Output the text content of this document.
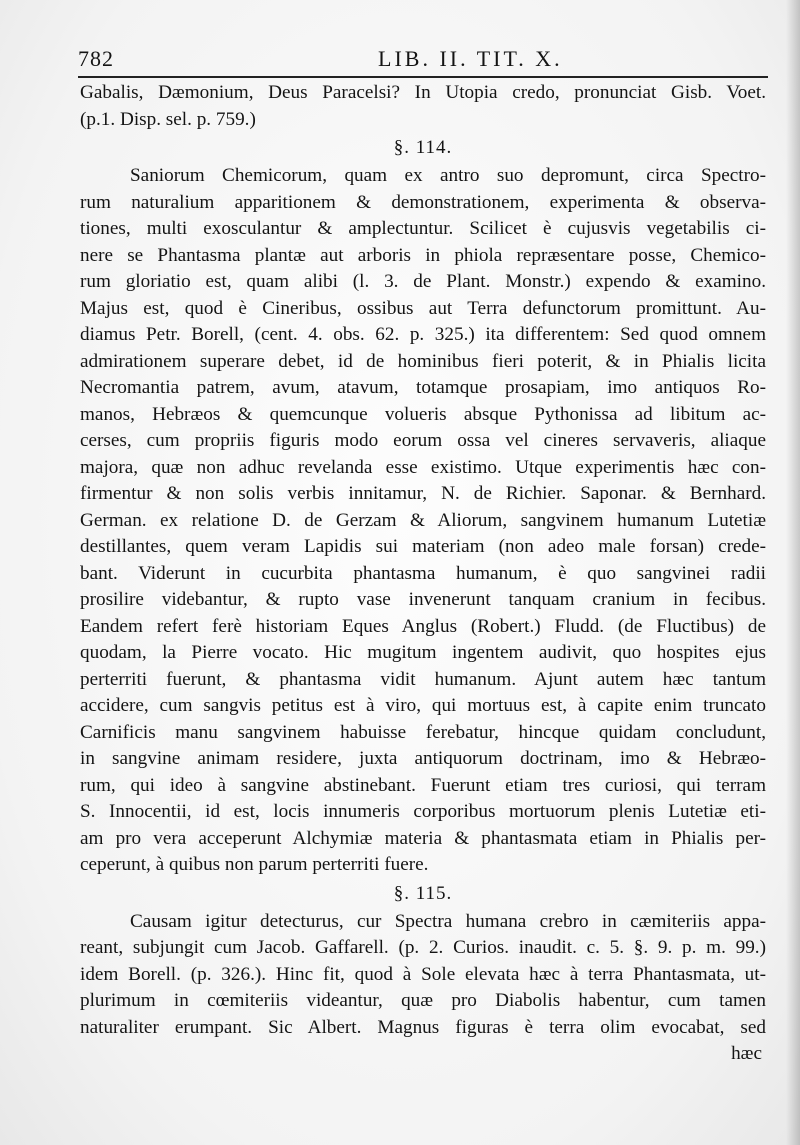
782	LIB. II. TIT. X.
Gabalis, Dæmonium, Deus Paracelsi? In Utopia credo, pronunciat Gisb. Voet.
(p.1. Disp. sel. p. 759.)
§. 114.
Saniorum Chemicorum, quam ex antro suo depromunt, circa Spectro-
rum naturalium apparitionem & demonstrationem, experimenta & observa-
tiones, multi exosculantur & amplectuntur. Scilicet è cujusvis vegetabilis ci-
nere se Phantasma plantæ aut arboris in phiola repræsentare posse, Chemico-
rum gloriatio est, quam alibi (l. 3. de Plant. Monstr.) expendo & examino.
Majus est, quod è Cineribus, ossibus aut Terra defunctorum promittunt. Au-
diamus Petr. Borell, (cent. 4. obs. 62. p. 325.) ita differentem: Sed quod omnem
admirationem superare debet, id de hominibus fieri poterit, & in Phialis licita
Necromantia patrem, avum, atavum, totamque prosapiam, imo antiquos Ro-
manos, Hebræos & quemcunque volueris absque Pythonissa ad libitum ac-
cerses, cum propriis figuris modo eorum ossa vel cineres servaveris, aliaque
majora, quæ non adhuc revelanda esse existimo. Utque experimentis hæc con-
firmentur & non solis verbis innitamur, N. de Richier. Saponar. & Bernhard.
German. ex relatione D. de Gerzam & Aliorum, sangvinem humanum Lutetiæ
destillantes, quem veram Lapidis sui materiam (non adeo male forsan) crede-
bant. Viderunt in cucurbita phantasma humanum, è quo sangvinei radii
prosilire videbantur, & rupto vase invenerunt tanquam cranium in fecibus.
Eandem refert ferè historiam Eques Anglus (Robert.) Fludd. (de Fluctibus) de
quodam, la Pierre vocato. Hic mugitum ingentem audivit, quo hospites ejus
perterriti fuerunt, & phantasma vidit humanum. Ajunt autem hæc tantum
accidere, cum sangvis petitus est à viro, qui mortuus est, à capite enim truncato
Carnificis manu sangvinem habuisse ferebatur, hincque quidam concludunt,
in sangvine animam residere, juxta antiquorum doctrinam, imo & Hebræo-
rum, qui ideo à sangvine abstinebant. Fuerunt etiam tres curiosi, qui terram
S. Innocentii, id est, locis innumeris corporibus mortuorum plenis Lutetiæ eti-
am pro vera acceperunt Alchymiæ materia & phantasmata etiam in Phialis per-
ceperunt, à quibus non parum perterriti fuere.
§. 115.
Causam igitur detecturus, cur Spectra humana crebro in cæmiteriis appa-
reant, subjungit cum Jacob. Gaffarell. (p. 2. Curios. inaudit. c. 5. §. 9. p. m. 99.)
idem Borell. (p. 326.). Hinc fit, quod à Sole elevata hæc à terra Phantasmata, ut-
plurimum in cœmiteriis videantur, quæ pro Diabolis habentur, cum tamen
naturaliter erumpant. Sic Albert. Magnus figuras è terra olim evocabat, sed
hæc
